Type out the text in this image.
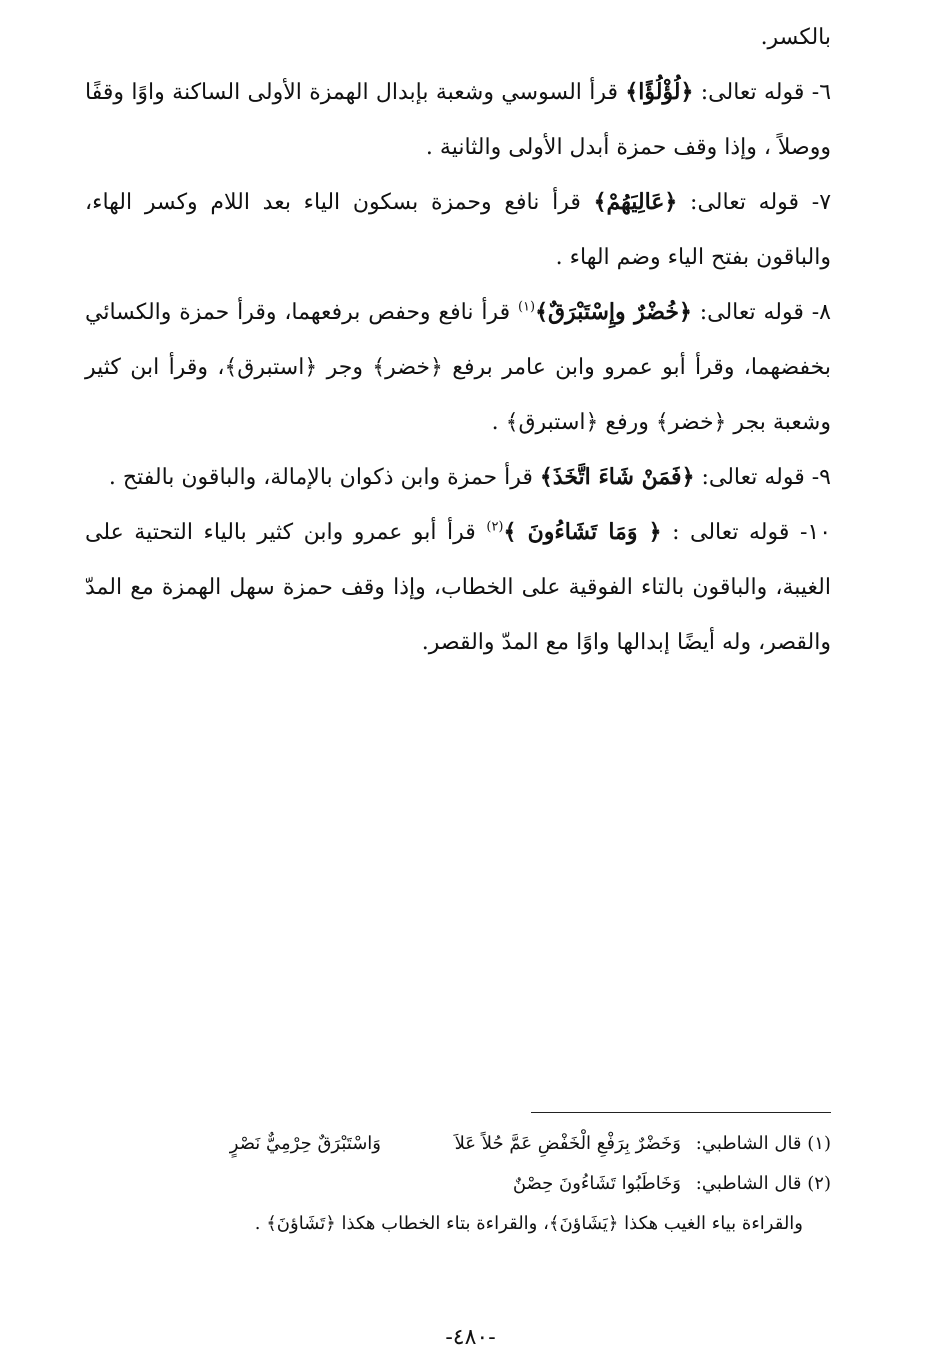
بالكسر.

٦- قوله تعالى: ﴿لُؤْلُؤًا﴾ قرأ السوسي وشعبة بإبدال الهمزة الأولى الساكنة واوًا وقفًا ووصلاً ، وإذا وقف حمزة أبدل الأولى والثانية .

٧- قوله تعالى: ﴿عَالِيَهُمْ﴾ قرأ نافع وحمزة بسكون الياء بعد اللام وكسر الهاء، والباقون بفتح الياء وضم الهاء .

٨- قوله تعالى: ﴿خُضْرٌ وإِسْتَبْرَقٌ﴾$^{(١)}$ قرأ نافع وحفص برفعهما، وقرأ حمزة والكسائي بخفضهما، وقرأ أبو عمرو وابن عامر برفع ﴿خضر﴾ وجر ﴿استبرق﴾، وقرأ ابن كثير وشعبة بجر ﴿خضر﴾ ورفع ﴿استبرق﴾ .

٩- قوله تعالى: ﴿فَمَنْ شَاءَ اتَّخَذَ﴾ قرأ حمزة وابن ذكوان بالإمالة، والباقون بالفتح .

١٠- قوله تعالى : ﴿ وَمَا تَشَاءُونَ ﴾$^{(٢)}$ قرأ أبو عمرو وابن كثير بالياء التحتية على الغيبة، والباقون بالتاء الفوقية على الخطاب، وإذا وقف حمزة سهل الهمزة مع المدّ والقصر، وله أيضًا إبدالها واوًا مع المدّ والقصر.

(١) قال الشاطبي:
وَخَضْرٌ بِرَفْعِ الْخَفْضِ عَمَّ حُلاً عَلاَ
وَاسْتَبْرَقٌ حِرْمِيٌّ نَصْرٍ
(٢) قال الشاطبي:
وَخَاطَبُوا تَشَاءُونَ حِصْنٌ
والقراءة بياء الغيب هكذا ﴿يَشَاؤنَ﴾، والقراءة بتاء الخطاب هكذا ﴿تَشَاؤنَ﴾ .
-٤٨٠-
